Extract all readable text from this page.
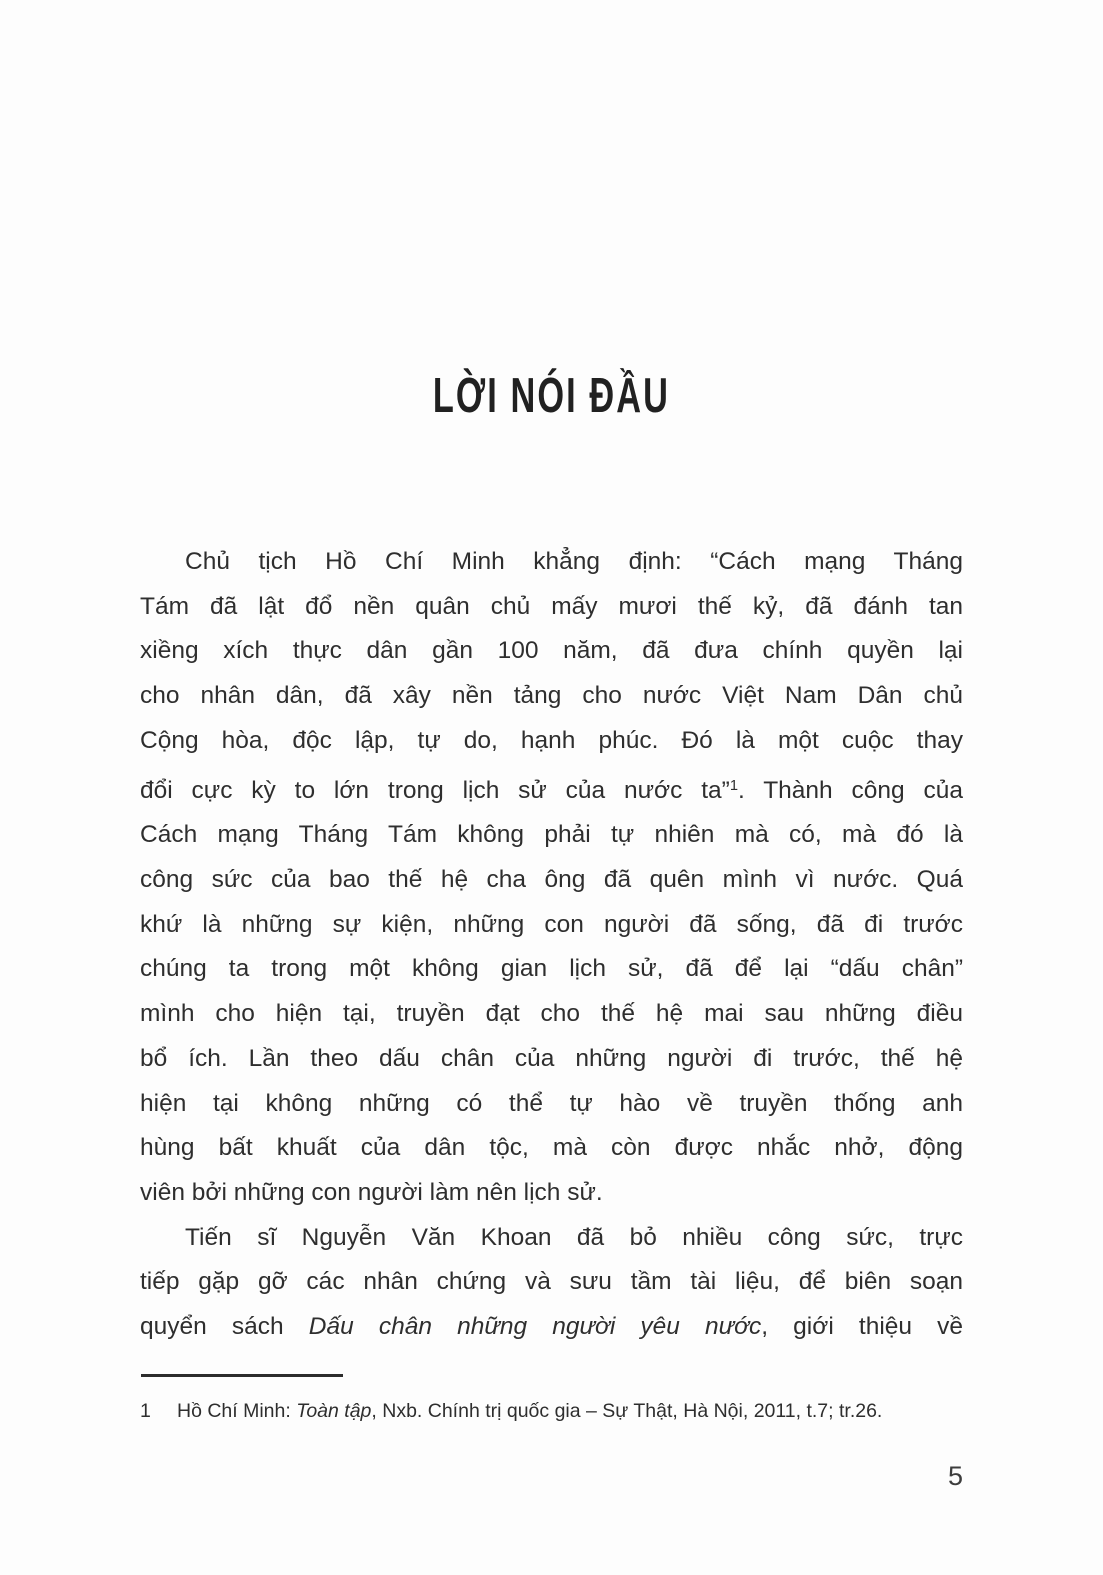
LỜI NÓI ĐẦU
Chủ tịch Hồ Chí Minh khẳng định: “Cách mạng Tháng
Tám đã lật đổ nền quân chủ mấy mươi thế kỷ, đã đánh tan
xiềng xích thực dân gần 100 năm, đã đưa chính quyền lại
cho nhân dân, đã xây nền tảng cho nước Việt Nam Dân chủ
Cộng hòa, độc lập, tự do, hạnh phúc. Đó là một cuộc thay
đổi cực kỳ to lớn trong lịch sử của nước ta”$^1$. Thành công của
Cách mạng Tháng Tám không phải tự nhiên mà có, mà đó là
công sức của bao thế hệ cha ông đã quên mình vì nước. Quá
khứ là những sự kiện, những con người đã sống, đã đi trước
chúng ta trong một không gian lịch sử, đã để lại “dấu chân”
mình cho hiện tại, truyền đạt cho thế hệ mai sau những điều
bổ ích. Lần theo dấu chân của những người đi trước, thế hệ
hiện tại không những có thể tự hào về truyền thống anh
hùng bất khuất của dân tộc, mà còn được nhắc nhở, động
viên bởi những con người làm nên lịch sử.
Tiến sĩ Nguyễn Văn Khoan đã bỏ nhiều công sức, trực
tiếp gặp gỡ các nhân chứng và sưu tầm tài liệu, để biên soạn
quyển sách Dấu chân những người yêu nước, giới thiệu về
1	Hồ Chí Minh: Toàn tập, Nxb. Chính trị quốc gia – Sự Thật, Hà Nội, 2011, t.7; tr.26.
5
